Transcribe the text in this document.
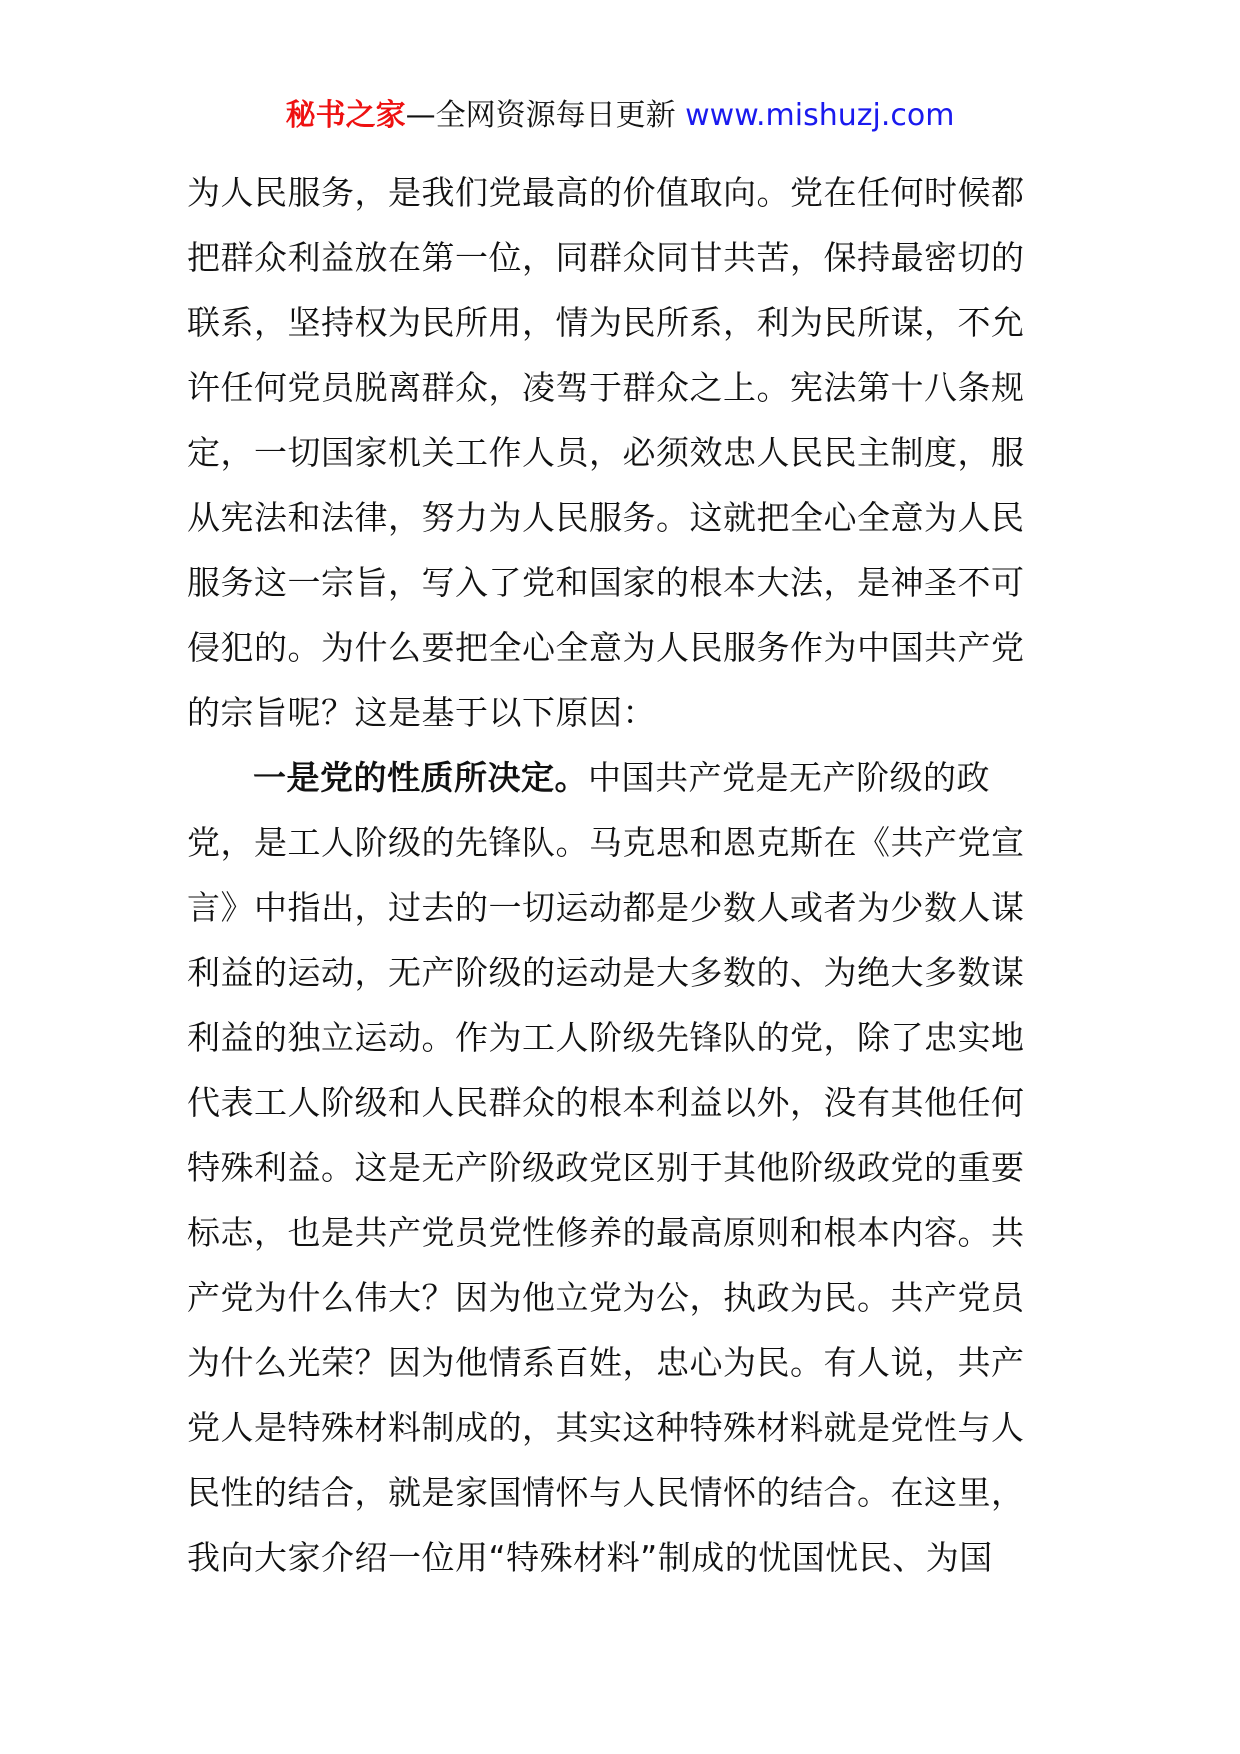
秘书之家—全网资源每日更新 www.mishuzj.com
为人民服务，是我们党最高的价值取向。党在任何时候都
把群众利益放在第一位，同群众同甘共苦，保持最密切的
联系，坚持权为民所用，情为民所系，利为民所谋，不允
许任何党员脱离群众，凌驾于群众之上。宪法第十八条规
定，一切国家机关工作人员，必须效忠人民民主制度，服
从宪法和法律，努力为人民服务。这就把全心全意为人民
服务这一宗旨，写入了党和国家的根本大法，是神圣不可
侵犯的。为什么要把全心全意为人民服务作为中国共产党
的宗旨呢？这是基于以下原因：
一是党的性质所决定。中国共产党是无产阶级的政
党，是工人阶级的先锋队。马克思和恩克斯在《共产党宣
言》中指出，过去的一切运动都是少数人或者为少数人谋
利益的运动，无产阶级的运动是大多数的、为绝大多数谋
利益的独立运动。作为工人阶级先锋队的党，除了忠实地
代表工人阶级和人民群众的根本利益以外，没有其他任何
特殊利益。这是无产阶级政党区别于其他阶级政党的重要
标志，也是共产党员党性修养的最高原则和根本内容。共
产党为什么伟大？因为他立党为公，执政为民。共产党员
为什么光荣？因为他情系百姓，忠心为民。有人说，共产
党人是特殊材料制成的，其实这种特殊材料就是党性与人
民性的结合，就是家国情怀与人民情怀的结合。在这里，
我向大家介绍一位用“特殊材料”制成的忧国忧民、为国
